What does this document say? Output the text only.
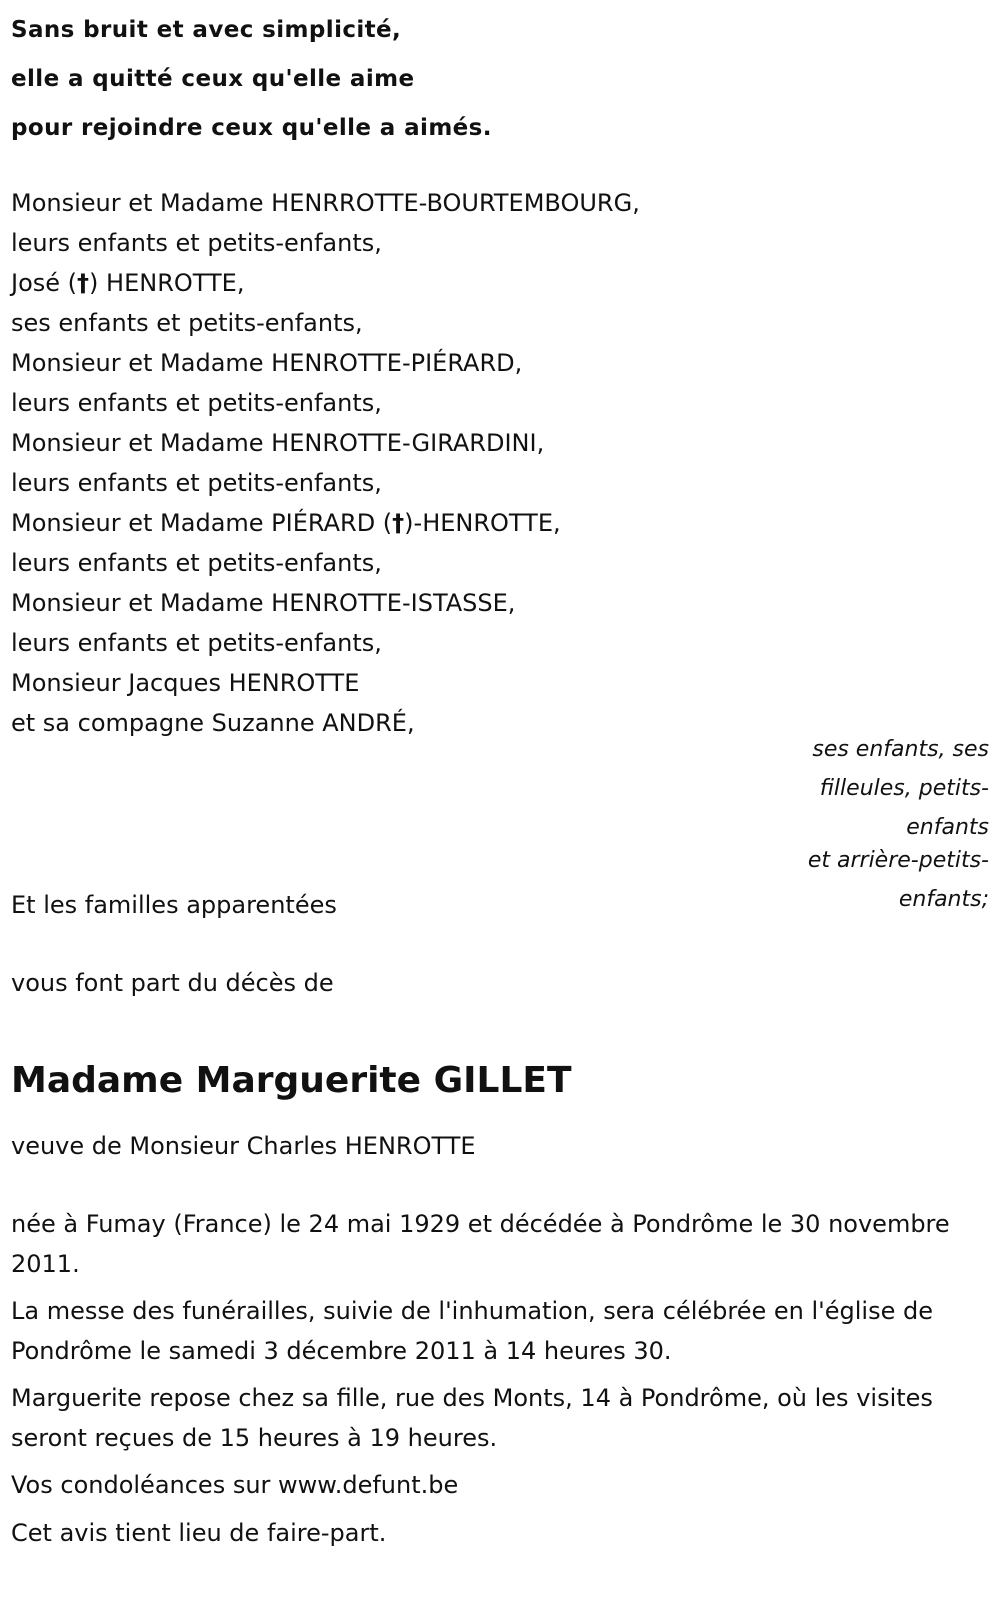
Sans bruit et avec simplicité,
elle a quitté ceux qu'elle aime
pour rejoindre ceux qu'elle a aimés.
Monsieur et Madame HENRROTTE-BOURTEMBOURG,
leurs enfants et petits-enfants,
José (†) HENROTTE,
ses enfants et petits-enfants,
Monsieur et Madame HENROTTE-PIÉRARD,
leurs enfants et petits-enfants,
Monsieur et Madame HENROTTE-GIRARDINI,
leurs enfants et petits-enfants,
Monsieur et Madame PIÉRARD (†)-HENROTTE,
leurs enfants et petits-enfants,
Monsieur et Madame HENROTTE-ISTASSE,
leurs enfants et petits-enfants,
Monsieur Jacques HENROTTE
et sa compagne Suzanne ANDRÉ,
ses enfants, ses filleules, petits-enfants
et arrière-petits-enfants;
Et les familles apparentées
vous font part du décès de
Madame Marguerite GILLET
veuve de Monsieur Charles HENROTTE
née à Fumay (France) le 24 mai 1929 et décédée à Pondrôme le 30 novembre 2011.
La messe des funérailles, suivie de l'inhumation, sera célébrée en l'église de Pondrôme le samedi 3 décembre 2011 à 14 heures 30.
Marguerite repose chez sa fille, rue des Monts, 14 à Pondrôme, où les visites seront reçues de 15 heures à 19 heures.
Vos condoléances sur www.defunt.be
Cet avis tient lieu de faire-part.
